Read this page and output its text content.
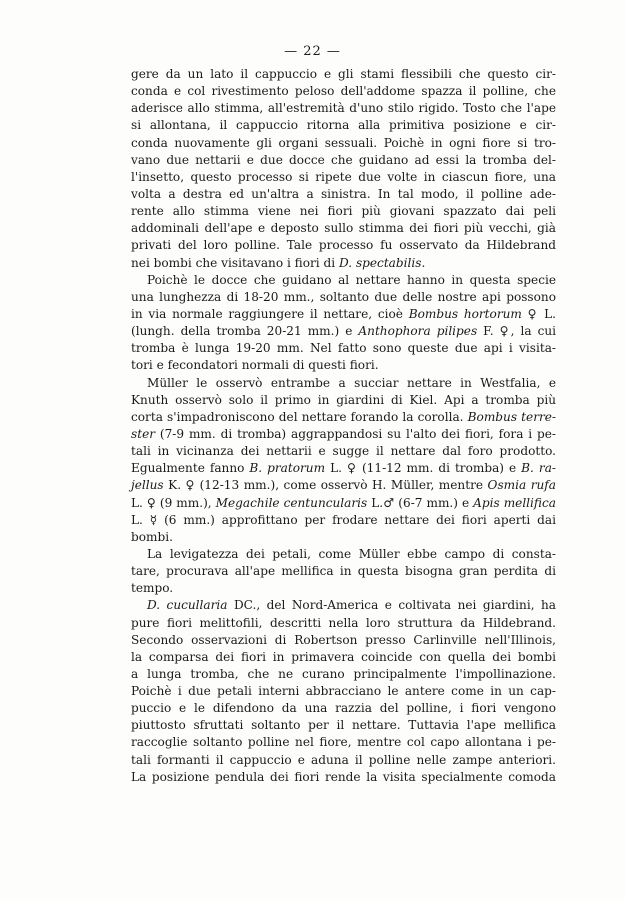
— 22 —
gere da un lato il cappuccio e gli stami flessibili che questo cir-
conda e col rivestimento peloso dell'addome spazza il polline, che
aderisce allo stimma, all'estremità d'uno stilo rigido. Tosto che l'ape
si allontana, il cappuccio ritorna alla primitiva posizione e cir-
conda nuovamente gli organi sessuali. Poichè in ogni fiore si tro-
vano due nettarii e due docce che guidano ad essi la tromba del-
l'insetto, questo processo si ripete due volte in ciascun fiore, una
volta a destra ed un'altra a sinistra. In tal modo, il polline ade-
rente allo stimma viene nei fiori più giovani spazzato dai peli
addominali dell'ape e deposto sullo stimma dei fiori più vecchi, già
privati del loro polline. Tale processo fu osservato da Hildebrand
nei bombi che visitavano i fiori di D. spectabilis.
Poichè le docce che guidano al nettare hanno in questa specie
una lunghezza di 18-20 mm., soltanto due delle nostre api possono
in via normale raggiungere il nettare, cioè Bombus hortorum ♀ L.
(lungh. della tromba 20-21 mm.) e Anthophora pilipes F. ♀, la cui
tromba è lunga 19-20 mm. Nel fatto sono queste due api i visita-
tori e fecondatori normali di questi fiori.
Müller le osservò entrambe a succiar nettare in Westfalia, e
Knuth osservò solo il primo in giardini di Kiel. Api a tromba più
corta s'impadroniscono del nettare forando la corolla. Bombus terre-
ster (7-9 mm. di tromba) aggrappandosi su l'alto dei fiori, fora i pe-
tali in vicinanza dei nettarii e sugge il nettare dal foro prodotto.
Egualmente fanno B. pratorum L. ♀ (11-12 mm. di tromba) e B. ra-
jellus K. ♀ (12-13 mm.), come osservò H. Müller, mentre Osmia rufa
L. ♀ (9 mm.), Megachile centuncularis L.♂ (6-7 mm.) e Apis mellifica
L. ☿ (6 mm.) approfittano per frodare nettare dei fiori aperti dai
bombi.
La levigatezza dei petali, come Müller ebbe campo di consta-
tare, procurava all'ape mellifica in questa bisogna gran perdita di
tempo.
D. cucullaria DC., del Nord-America e coltivata nei giardini, ha
pure fiori melittofili, descritti nella loro struttura da Hildebrand.
Secondo osservazioni di Robertson presso Carlinville nell'Illinois,
la comparsa dei fiori in primavera coincide con quella dei bombi
a lunga tromba, che ne curano principalmente l'impollinazione.
Poichè i due petali interni abbracciano le antere come in un cap-
puccio e le difendono da una razzia del polline, i fiori vengono
piuttosto sfruttati soltanto per il nettare. Tuttavia l'ape mellifica
raccoglie soltanto polline nel fiore, mentre col capo allontana i pe-
tali formanti il cappuccio e aduna il polline nelle zampe anteriori.
La posizione pendula dei fiori rende la visita specialmente comoda
